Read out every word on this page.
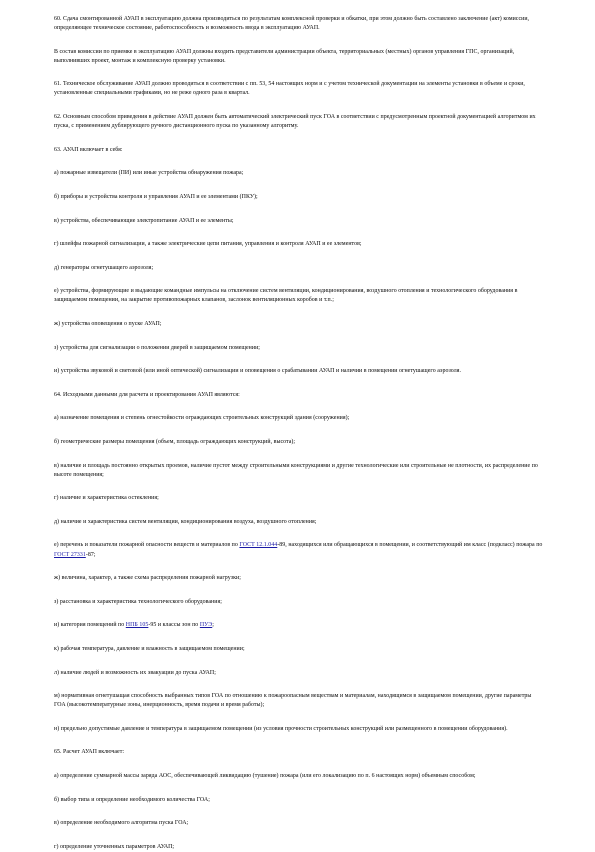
60. Сдача смонтированной АУАП в эксплуатацию должна производиться по результатам комплексной проверки и обкатки, при этом должно быть составлено заключение (акт) комиссии, определяющее техническое состояние, работоспособность и возможность ввода в эксплуатацию АУАП.

В состав комиссии по приемке в эксплуатацию АУАП должны входить представители администрации объекта, территориальных (местных) органов управления ГПС, организаций, выполнивших проект, монтаж и комплексную проверку установки.

61. Техническое обслуживание АУАП должно проводиться в соответствии с пп. 53, 54 настоящих норм и с учетом технической документации на элементы установки в объеме и сроки, установленные специальными графиками, но не реже одного раза в квартал.

62. Основным способом приведения в действие АУАП должен быть автоматический электрический пуск ГОА в соответствии с предусмотренным проектной документацией алгоритмом их пуска, с применением дублирующего ручного дистанционного пуска по указанному алгоритму.

63. АУАП включает в себя:

а) пожарные извещатели (ПИ) или иные устройства обнаружения пожара;

б) приборы и устройства контроля и управления АУАП и ее элементами (ПКУ);

в) устройства, обеспечивающие электропитание АУАП и ее элементы;

г) шлейфы пожарной сигнализации, а также электрические цепи питания, управления и контроля АУАП и ее элементов;

д) генераторы огнетушащего аэрозоля;

е) устройства, формирующие и выдающие командные импульсы на отключение систем вентиляции, кондиционирования, воздушного отопления и технологического оборудования в защищаемом помещении, на закрытие противопожарных клапанов, заслонок вентиляционных коробов и т.п.;

ж) устройства оповещения о пуске АУАП;

з) устройства для сигнализации о положении дверей в защищаемом помещении;

и) устройства звуковой и световой (или иной оптической) сигнализации и оповещения о срабатывании АУАП и наличии в помещении огнетушащего аэрозоля.

64. Исходными данными для расчета и проектирования АУАП являются:

а) назначение помещения и степень огнестойкости ограждающих строительных конструкций здания (сооружения);

б) геометрические размеры помещения (объем, площадь ограждающих конструкций, высота);

в) наличие и площадь постоянно открытых проемов, наличие пустот между строительными конструкциями и другие технологические или строительные не плотности, их распределение по высоте помещения;

г) наличие и характеристика остекления;

д) наличие и характеристика систем вентиляции, кондиционирования воздуха, воздушного отопления;

е) перечень и показатели пожарной опасности веществ и материалов по ГОСТ 12.1.044-89, находящихся или обращающихся в помещении, и соответствующий им класс (подкласс) пожара по ГОСТ 27331-87;

ж) величина, характер, а также схема распределения пожарной нагрузки;

з) расстановка и характеристика технологического оборудования;

и) категория помещений по НПБ 105-95 и классы зон по ПУЭ;

к) рабочая температура, давление и влажность в защищаемом помещении;

л) наличие людей и возможность их эвакуации до пуска АУАП;

м) нормативная огнетушащая способность выбранных типов ГОА по отношению к пожароопасным веществам и материалам, находящимся в защищаемом помещении, другие параметры ГОА (высокотемпературные зоны, инерционность, время подачи и время работы);

н) предельно допустимые давление и температура в защищаемом помещении (из условия прочности строительных конструкций или размещенного в помещении оборудования).

65. Расчет АУАП включает:

а) определение суммарной массы заряда АОС, обеспечивающей ликвидацию (тушение) пожара (или его локализацию по п. 6 настоящих норм) объемным способом;

б) выбор типа и определение необходимого количества ГОА;

в) определение необходимого алгоритма пуска ГОА;

г) определение уточненных параметров АУАП;
